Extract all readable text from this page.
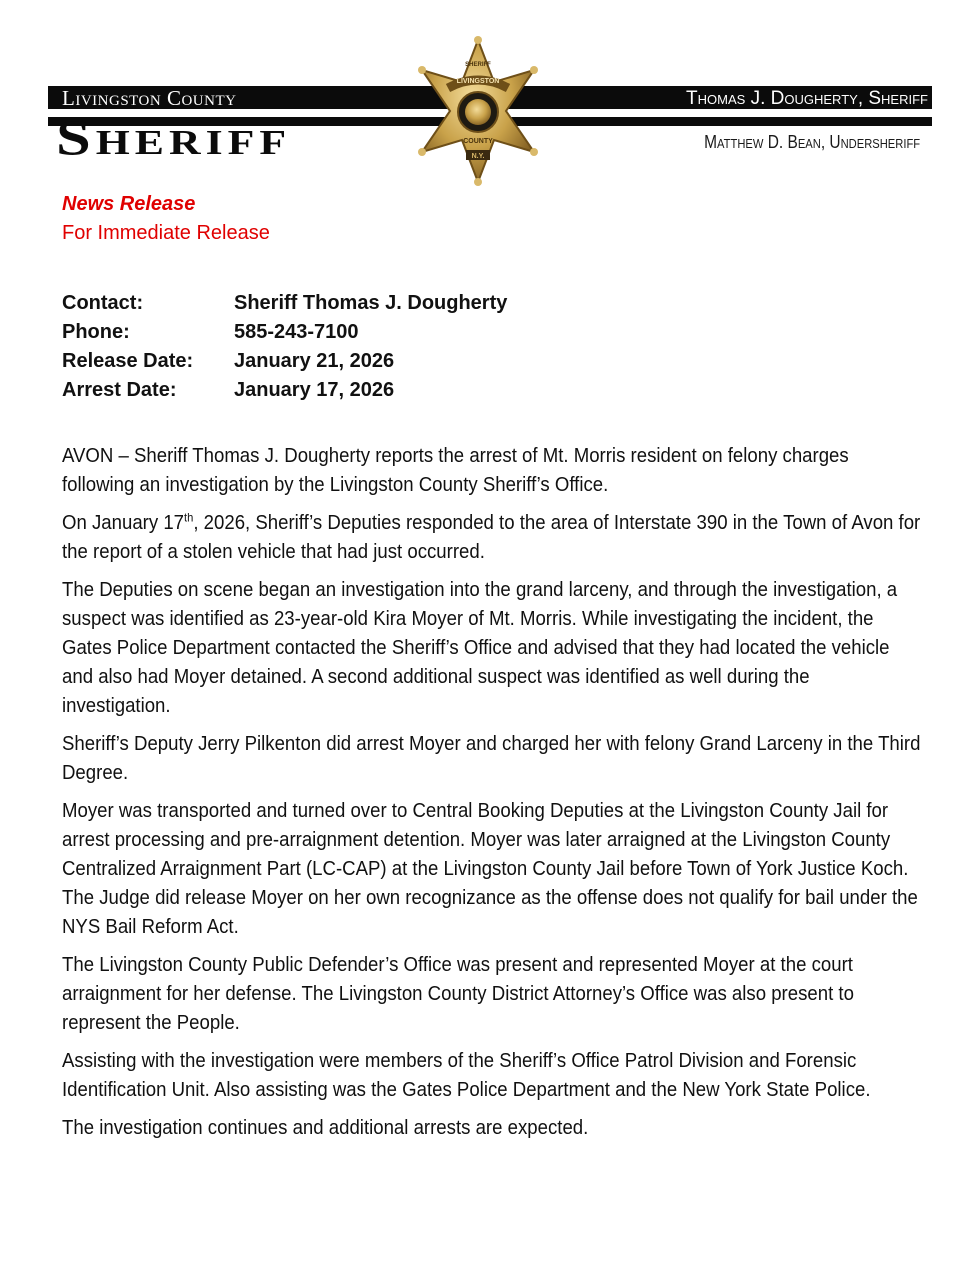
Livingston County
Sheriff
Thomas J. Dougherty, Sheriff
Matthew D. Bean, Undersheriff
LIVINGSTON
SHERIFF
COUNTY
N.Y.
News Release
For Immediate Release
Contact:	Sheriff Thomas J. Dougherty
Phone:	585-243-7100
Release Date:	January 21, 2026
Arrest Date:	January 17, 2026

AVON – Sheriff Thomas J. Dougherty reports the arrest of Mt. Morris resident on felony charges following an investigation by the Livingston County Sheriff’s Office.

On January 17th, 2026, Sheriff’s Deputies responded to the area of Interstate 390 in the Town of Avon for the report of a stolen vehicle that had just occurred.

The Deputies on scene began an investigation into the grand larceny, and through the investigation, a suspect was identified as 23-year-old Kira Moyer of Mt. Morris. While investigating the incident, the Gates Police Department contacted the Sheriff’s Office and advised that they had located the vehicle and also had Moyer detained. A second additional suspect was identified as well during the investigation.

Sheriff’s Deputy Jerry Pilkenton did arrest Moyer and charged her with felony Grand Larceny in the Third Degree.

Moyer was transported and turned over to Central Booking Deputies at the Livingston County Jail for arrest processing and pre-arraignment detention. Moyer was later arraigned at the Livingston County Centralized Arraignment Part (LC-CAP) at the Livingston County Jail before Town of York Justice Koch. The Judge did release Moyer on her own recognizance as the offense does not qualify for bail under the NYS Bail Reform Act.

The Livingston County Public Defender’s Office was present and represented Moyer at the court arraignment for her defense. The Livingston County District Attorney’s Office was also present to represent the People.

Assisting with the investigation were members of the Sheriff’s Office Patrol Division and Forensic Identification Unit. Also assisting was the Gates Police Department and the New York State Police.

The investigation continues and additional arrests are expected.
